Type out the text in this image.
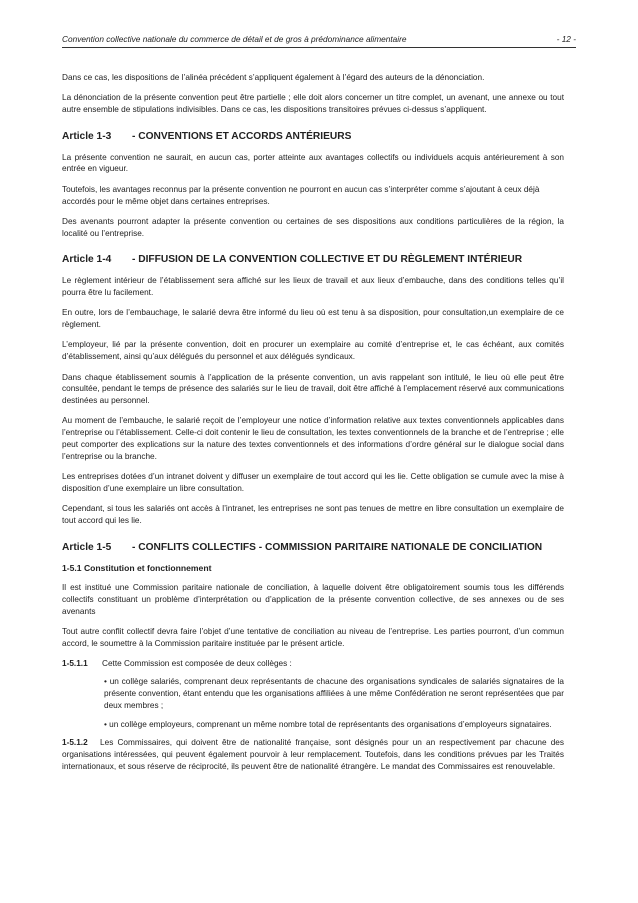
Convention collective nationale du commerce de détail et de gros à prédominance alimentaire	- 12 -

Dans ce cas, les dispositions de l’alinéa précédent s’appliquent également à l’égard des auteurs de la dénonciation.

La dénonciation de la présente convention peut être partielle ; elle doit alors concerner un titre complet, un avenant, une annexe ou tout autre ensemble de stipulations indivisibles. Dans ce cas, les dispositions transitoires prévues ci-dessus s’appliquent.

Article 1-3	- CONVENTIONS ET ACCORDS ANTÉRIEURS

La présente convention ne saurait, en aucun cas, porter atteinte aux avantages collectifs ou individuels acquis antérieurement à son entrée en vigueur.

Toutefois, les avantages reconnus par la présente convention ne pourront en aucun cas s’interpréter comme s’ajoutant à ceux déjà accordés pour le même objet dans certaines entreprises.

Des avenants pourront adapter la présente convention ou certaines de ses dispositions aux conditions particulières de la région, la localité ou l’entreprise.

Article 1-4	- DIFFUSION DE LA CONVENTION COLLECTIVE ET DU RÈGLEMENT INTÉRIEUR

Le règlement intérieur de l’établissement sera affiché sur les lieux de travail et aux lieux d’embauche, dans des conditions telles qu’il pourra être lu facilement.

En outre, lors de l’embauchage, le salarié devra être informé du lieu où est tenu à sa disposition, pour consultation,un exemplaire de ce règlement.

L’employeur, lié par la présente convention, doit en procurer un exemplaire au comité d’entreprise et, le cas échéant, aux comités d’établissement, ainsi qu’aux délégués du personnel et aux délégués syndicaux.

Dans chaque établissement soumis à l’application de la présente convention, un avis rappelant son intitulé, le lieu où elle peut être consultée, pendant le temps de présence des salariés sur le lieu de travail, doit être affiché à l’emplacement réservé aux communications destinées au personnel.

Au moment de l’embauche, le salarié reçoit de l’employeur une notice d’information relative aux textes conventionnels applicables dans l’entreprise ou l’établissement. Celle-ci doit contenir le lieu de consultation, les textes conventionnels de la branche et de l’entreprise ; elle peut comporter des explications sur la nature des textes conventionnels et des informations d’ordre général sur le dialogue social dans l’entreprise ou la branche.

Les entreprises dotées d’un intranet doivent y diffuser un exemplaire de tout accord qui les lie. Cette obligation se cumule avec la mise à disposition d’une exemplaire un libre consultation.

Cependant, si tous les salariés ont accès à l’intranet, les entreprises ne sont pas tenues de mettre en libre consultation un exemplaire de tout accord qui les lie.

Article 1-5	- CONFLITS COLLECTIFS - COMMISSION PARITAIRE NATIONALE DE CONCILIATION
1-5.1 Constitution et fonctionnement

Il est institué une Commission paritaire nationale de conciliation, à laquelle doivent être obligatoirement soumis tous les différends collectifs constituant un problème d’interprétation ou d’application de la présente convention collective, de ses annexes ou de ses avenants

Tout autre conflit collectif devra faire l’objet d’une tentative de conciliation au niveau de l’entreprise. Les parties pourront, d’un commun accord, le soumettre à la Commission paritaire instituée par le présent article.

1-5.1.1	Cette Commission est composée de deux collèges :

• un collège salariés, comprenant deux représentants de chacune des organisations syndicales de salariés signataires de la présente convention, étant entendu que les organisations affiliées à une même Confédération ne seront représentées que par deux membres ;

• un collège employeurs, comprenant un même nombre total de représentants des organisations d’employeurs signataires.

1-5.1.2 Les Commissaires, qui doivent être de nationalité française, sont désignés pour un an respectivement par chacune des organisations intéressées, qui peuvent également pourvoir à leur remplacement. Toutefois, dans les conditions prévues par les Traités internationaux, et sous réserve de réciprocité, ils peuvent être de nationalité étrangère. Le mandat des Commissaires est renouvelable.
